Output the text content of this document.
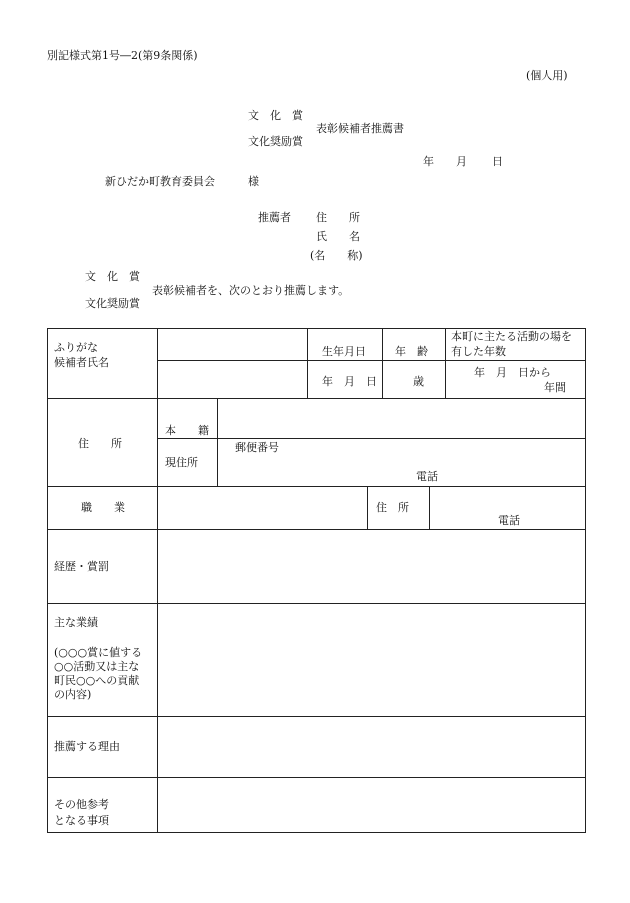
別記様式第1号―2(第9条関係)
(個人用)
文　化　賞
表彰候補者推薦書
文化奨励賞
年 月 日
新ひだか町教育委員会	様
推薦者 住　　所
氏　　名
(名　　称)
文　化　賞
表彰候補者を、次のとおり推薦します。
文化奨励賞
ふりがな
候補者氏名			生年月日		年　齢		本町に主たる活動の場を
有した年数

			年　月　日		歳		年　月　日から
年間

住　　所	本　　籍						

	現住所	郵便番号
電話					

職　　業				住　所		電話	

経歴・賞罰							

主な業績
(○○○賞に値する
○○活動又は主な
町民○○への貢献
の内容)							

推薦する理由							

その他参考
となる事項							
